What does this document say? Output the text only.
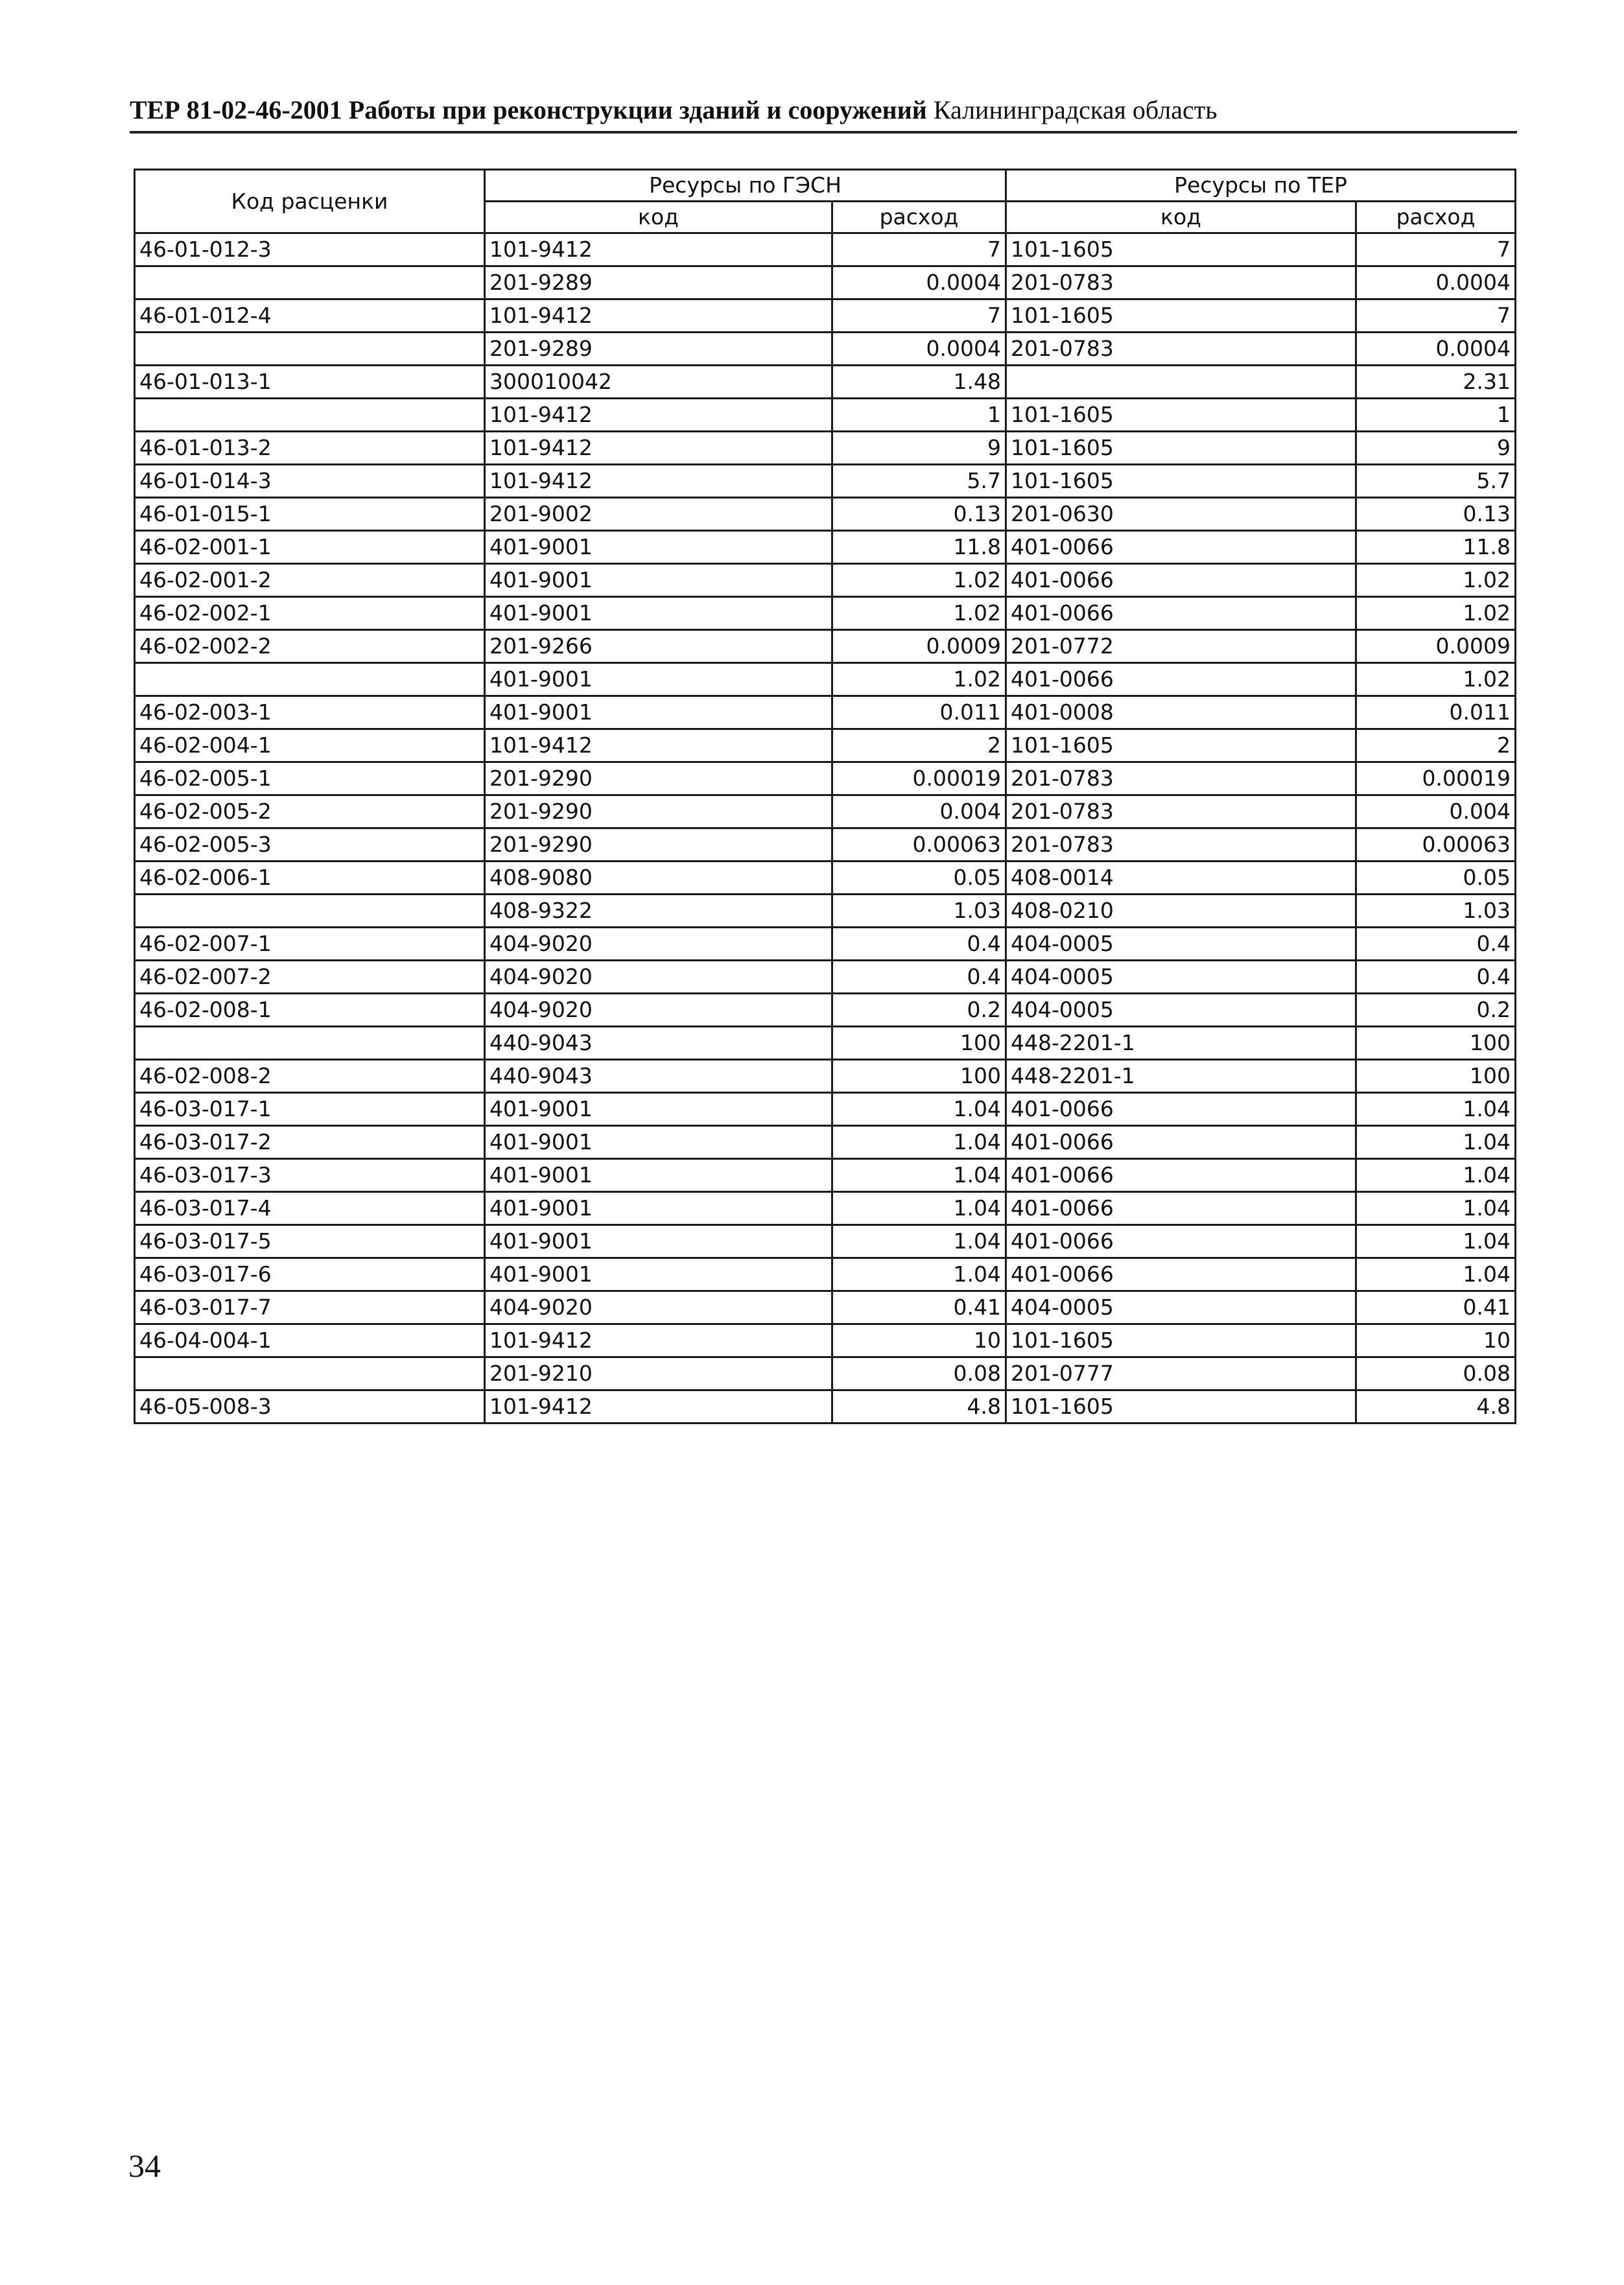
ТЕР 81-02-46-2001 Работы при реконструкции зданий и сооружений Калининградская область
Код расценки	Ресурсы по ГЭСН		Ресурсы по ТЕР	
	код	расход	код	расход
46-01-012-3	101-9412	7	101-1605	7
	201-9289	0.0004	201-0783	0.0004
46-01-012-4	101-9412	7	101-1605	7
	201-9289	0.0004	201-0783	0.0004
46-01-013-1	300010042	1.48		2.31
	101-9412	1	101-1605	1
46-01-013-2	101-9412	9	101-1605	9
46-01-014-3	101-9412	5.7	101-1605	5.7
46-01-015-1	201-9002	0.13	201-0630	0.13
46-02-001-1	401-9001	11.8	401-0066	11.8
46-02-001-2	401-9001	1.02	401-0066	1.02
46-02-002-1	401-9001	1.02	401-0066	1.02
46-02-002-2	201-9266	0.0009	201-0772	0.0009
	401-9001	1.02	401-0066	1.02
46-02-003-1	401-9001	0.011	401-0008	0.011
46-02-004-1	101-9412	2	101-1605	2
46-02-005-1	201-9290	0.00019	201-0783	0.00019
46-02-005-2	201-9290	0.004	201-0783	0.004
46-02-005-3	201-9290	0.00063	201-0783	0.00063
46-02-006-1	408-9080	0.05	408-0014	0.05
	408-9322	1.03	408-0210	1.03
46-02-007-1	404-9020	0.4	404-0005	0.4
46-02-007-2	404-9020	0.4	404-0005	0.4
46-02-008-1	404-9020	0.2	404-0005	0.2
	440-9043	100	448-2201-1	100
46-02-008-2	440-9043	100	448-2201-1	100
46-03-017-1	401-9001	1.04	401-0066	1.04
46-03-017-2	401-9001	1.04	401-0066	1.04
46-03-017-3	401-9001	1.04	401-0066	1.04
46-03-017-4	401-9001	1.04	401-0066	1.04
46-03-017-5	401-9001	1.04	401-0066	1.04
46-03-017-6	401-9001	1.04	401-0066	1.04
46-03-017-7	404-9020	0.41	404-0005	0.41
46-04-004-1	101-9412	10	101-1605	10
	201-9210	0.08	201-0777	0.08
46-05-008-3	101-9412	4.8	101-1605	4.8
34
